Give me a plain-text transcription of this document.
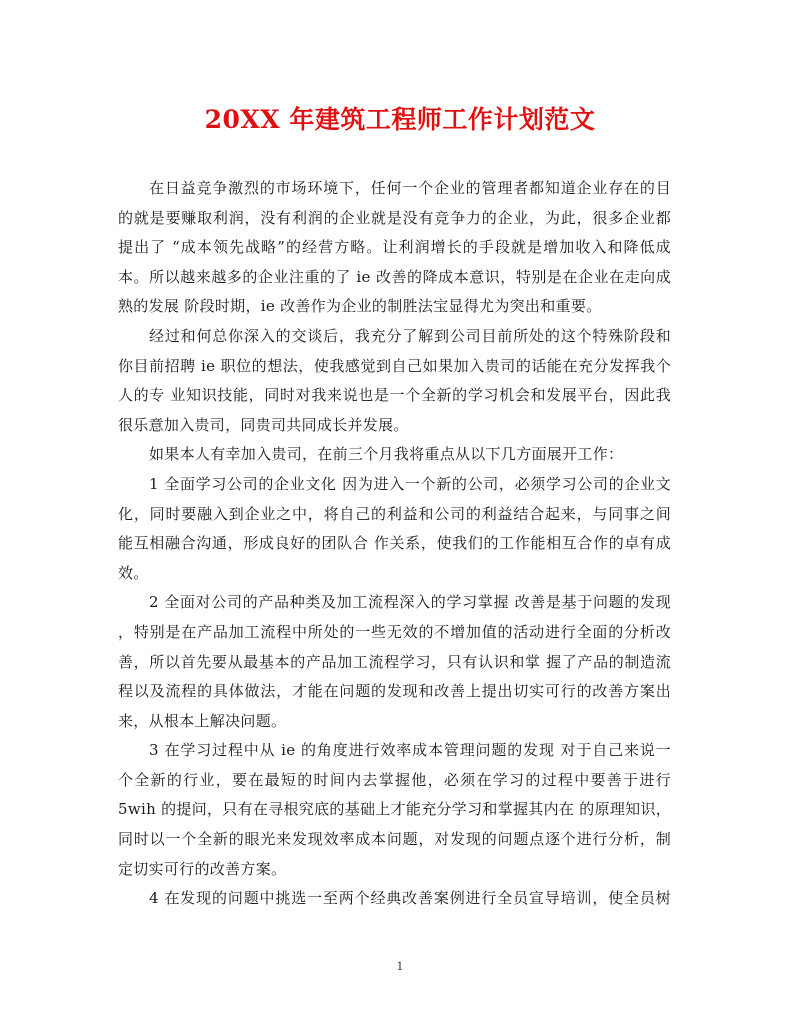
20XX 年建筑工程师工作计划范文
在日益竞争激烈的市场环境下，任何一个企业的管理者都知道企业存在的目
的就是要赚取利润，没有利润的企业就是没有竞争力的企业，为此，很多企业都
提出了 “成本领先战略”的经营方略。让利润增长的手段就是增加收入和降低成
本。所以越来越多的企业注重的了 ie 改善的降成本意识，特别是在企业在走向成
熟的发展 阶段时期，ie 改善作为企业的制胜法宝显得尤为突出和重要。
经过和何总你深入的交谈后，我充分了解到公司目前所处的这个特殊阶段和
你目前招聘 ie 职位的想法，使我感觉到自己如果加入贵司的话能在充分发挥我个
人的专 业知识技能，同时对我来说也是一个全新的学习机会和发展平台，因此我
很乐意加入贵司，同贵司共同成长并发展。
如果本人有幸加入贵司，在前三个月我将重点从以下几方面展开工作：
1 全面学习公司的企业文化 因为进入一个新的公司，必须学习公司的企业文
化，同时要融入到企业之中，将自己的利益和公司的利益结合起来，与同事之间
能互相融合沟通，形成良好的团队合 作关系，使我们的工作能相互合作的卓有成
效。
2 全面对公司的产品种类及加工流程深入的学习掌握 改善是基于问题的发现
，特别是在产品加工流程中所处的一些无效的不增加值的活动进行全面的分析改
善，所以首先要从最基本的产品加工流程学习，只有认识和掌 握了产品的制造流
程以及流程的具体做法，才能在问题的发现和改善上提出切实可行的改善方案出
来，从根本上解决问题。
3 在学习过程中从 ie 的角度进行效率成本管理问题的发现 对于自己来说一
个全新的行业，要在最短的时间内去掌握他，必须在学习的过程中要善于进行
5wih 的提问，只有在寻根究底的基础上才能充分学习和掌握其内在 的原理知识，
同时以一个全新的眼光来发现效率成本问题，对发现的问题点逐个进行分析，制
定切实可行的改善方案。
4 在发现的问题中挑选一至两个经典改善案例进行全员宣导培训，使全员树
1
